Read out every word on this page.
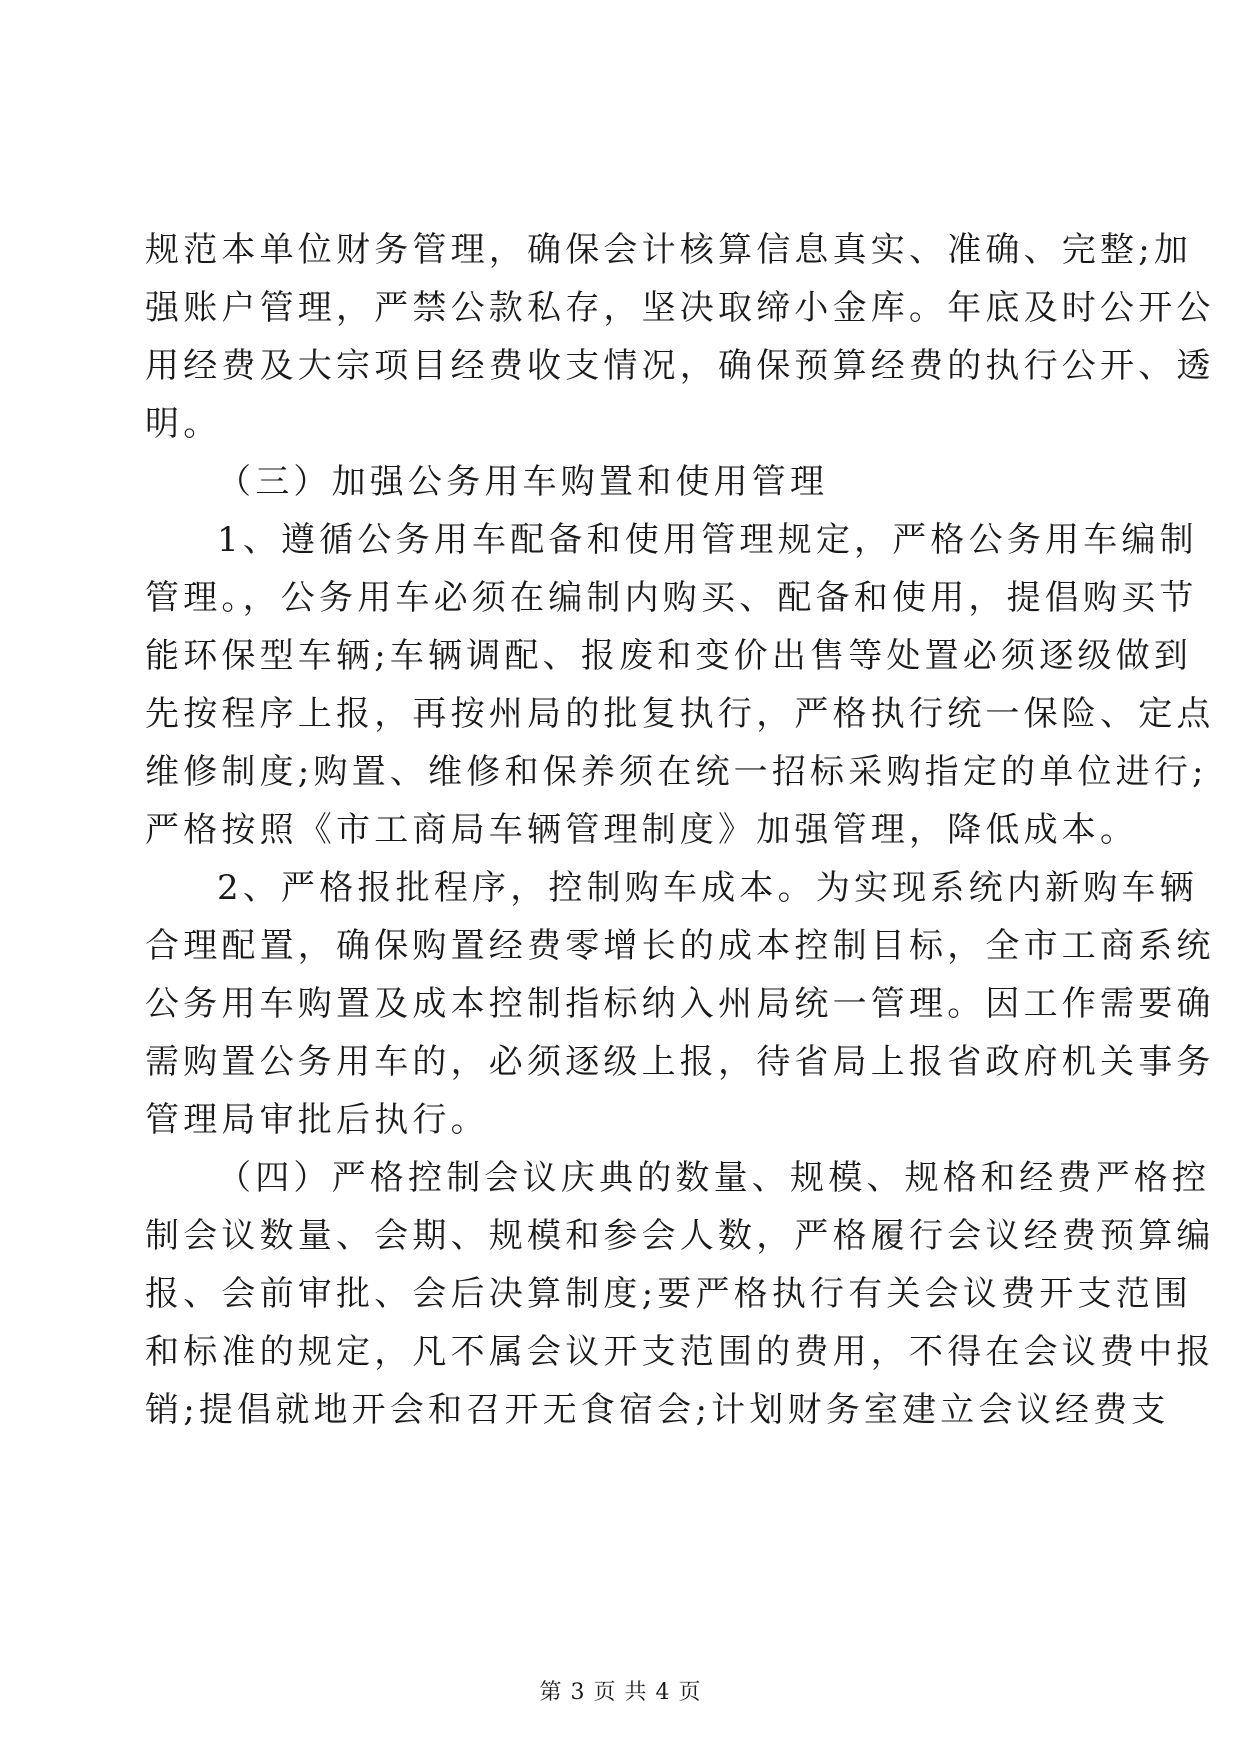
规范本单位财务管理，确保会计核算信息真实、准确、完整;加
强账户管理，严禁公款私存，坚决取缔小金库。年底及时公开公
用经费及大宗项目经费收支情况，确保预算经费的执行公开、透
明。
（三）加强公务用车购置和使用管理
1、遵循公务用车配备和使用管理规定，严格公务用车编制
管理。，公务用车必须在编制内购买、配备和使用，提倡购买节
能环保型车辆;车辆调配、报废和变价出售等处置必须逐级做到
先按程序上报，再按州局的批复执行，严格执行统一保险、定点
维修制度;购置、维修和保养须在统一招标采购指定的单位进行;
严格按照《市工商局车辆管理制度》加强管理，降低成本。
2、严格报批程序，控制购车成本。为实现系统内新购车辆
合理配置，确保购置经费零增长的成本控制目标，全市工商系统
公务用车购置及成本控制指标纳入州局统一管理。因工作需要确
需购置公务用车的，必须逐级上报，待省局上报省政府机关事务
管理局审批后执行。
（四）严格控制会议庆典的数量、规模、规格和经费严格控
制会议数量、会期、规模和参会人数，严格履行会议经费预算编
报、会前审批、会后决算制度;要严格执行有关会议费开支范围
和标准的规定，凡不属会议开支范围的费用，不得在会议费中报
销;提倡就地开会和召开无食宿会;计划财务室建立会议经费支
第 3 页 共 4 页
